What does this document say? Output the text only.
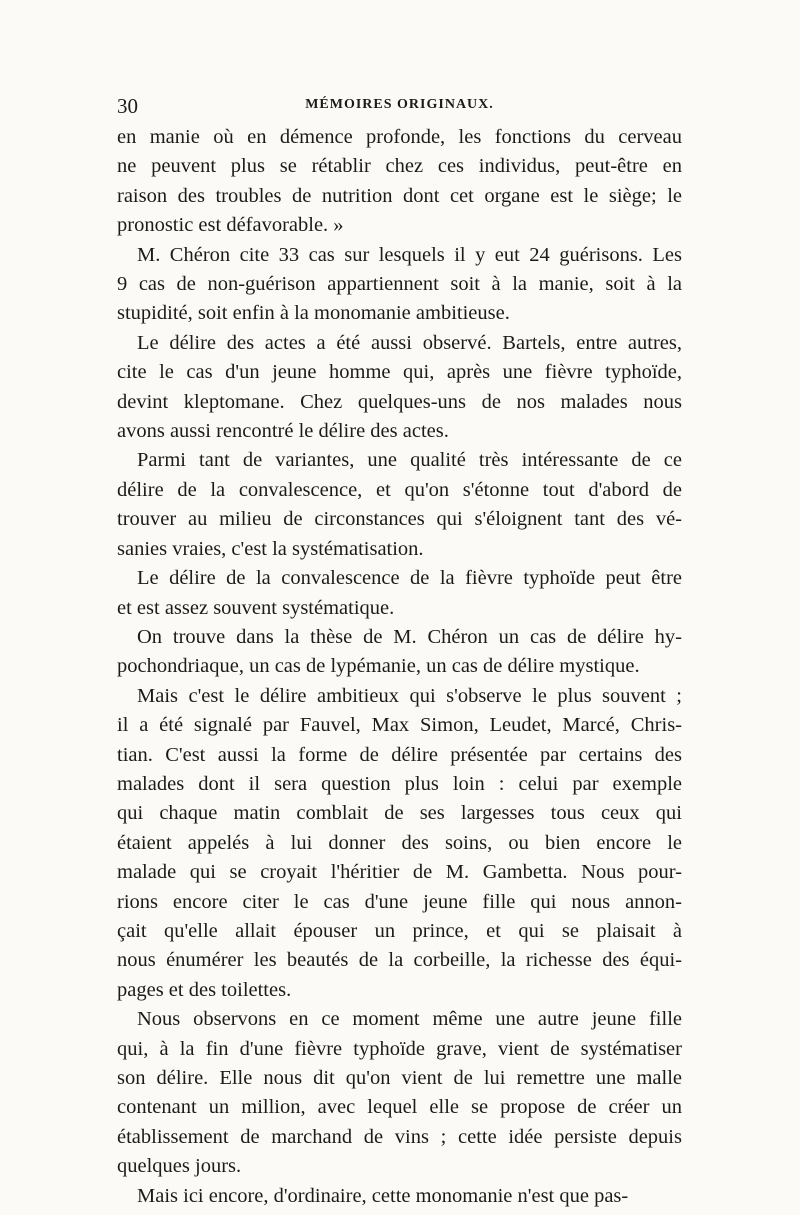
30	MÉMOIRES ORIGINAUX.

en manie où en démence profonde, les fonctions du cerveau
ne peuvent plus se rétablir chez ces individus, peut-être en
raison des troubles de nutrition dont cet organe est le siège; le
pronostic est défavorable. »

M. Chéron cite 33 cas sur lesquels il y eut 24 guérisons. Les
9 cas de non-guérison appartiennent soit à la manie, soit à la
stupidité, soit enfin à la monomanie ambitieuse.

Le délire des actes a été aussi observé. Bartels, entre autres,
cite le cas d'un jeune homme qui, après une fièvre typhoïde,
devint kleptomane. Chez quelques-uns de nos malades nous
avons aussi rencontré le délire des actes.

Parmi tant de variantes, une qualité très intéressante de ce
délire de la convalescence, et qu'on s'étonne tout d'abord de
trouver au milieu de circonstances qui s'éloignent tant des vé-
sanies vraies, c'est la systématisation.

Le délire de la convalescence de la fièvre typhoïde peut être
et est assez souvent systématique.

On trouve dans la thèse de M. Chéron un cas de délire hy-
pochondriaque, un cas de lypémanie, un cas de délire mystique.

Mais c'est le délire ambitieux qui s'observe le plus souvent ;
il a été signalé par Fauvel, Max Simon, Leudet, Marcé, Chris-
tian. C'est aussi la forme de délire présentée par certains des
malades dont il sera question plus loin : celui par exemple
qui chaque matin comblait de ses largesses tous ceux qui
étaient appelés à lui donner des soins, ou bien encore le
malade qui se croyait l'héritier de M. Gambetta. Nous pour-
rions encore citer le cas d'une jeune fille qui nous annon-
çait qu'elle allait épouser un prince, et qui se plaisait à
nous énumérer les beautés de la corbeille, la richesse des équi-
pages et des toilettes.

Nous observons en ce moment même une autre jeune fille
qui, à la fin d'une fièvre typhoïde grave, vient de systématiser
son délire. Elle nous dit qu'on vient de lui remettre une malle
contenant un million, avec lequel elle se propose de créer un
établissement de marchand de vins ; cette idée persiste depuis
quelques jours.

Mais ici encore, d'ordinaire, cette monomanie n'est que pas-
